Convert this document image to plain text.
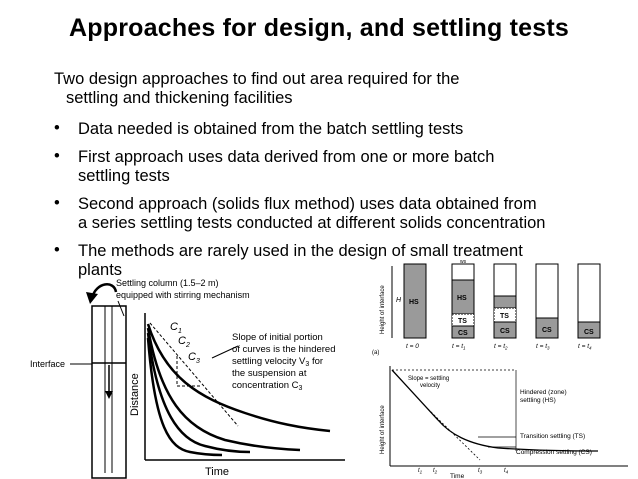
Approaches for design, and settling tests
Two design approaches to find out area required for the
settling and thickening facilities
• Data needed is obtained from the batch settling tests
• First approach uses data derived from one or more batch
settling tests
• Second approach (solids flux method) uses data obtained from
a series settling tests conducted at different solids concentration
• The methods are rarely used in the design of small treatment
plants
Interface
Settling column (1.5–2 m)
equipped with stirring mechanism
Distance
Time
$C_1$
$C_2$
$C_3$
Slope of initial portion of curves is the hindered settling velocity $V_3$ for the suspension at concentration $C_3$
Height of interface H HS
HS
TS
CS
TS
CS	CS	CS
ws
t = 0	$t = t_1$	$t = t_2$	$t = t_3$	$t = t_4$
(a)
Height of interface
Slope = settling velocity
Hindered (zone) settling (HS) Transition settling (TS) Compression settling (CS)
$t_1$ $t_2$	$t_3$	$t_4$
Time
